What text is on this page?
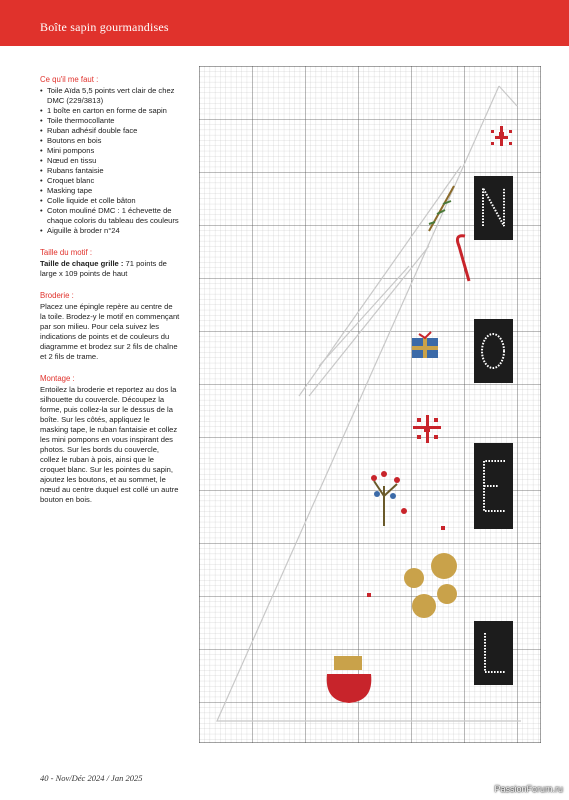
Boîte sapin gourmandises
Ce qu'il me faut :
• Toile Aïda 5,5 points vert clair de chez DMC (229/3813)
• 1 boîte en carton en forme de sapin
• Toile thermocollante
• Ruban adhésif double face
• Boutons en bois
• Mini pompons
• Nœud en tissu
• Rubans fantaisie
• Croquet blanc
• Masking tape
• Colle liquide et colle bâton
• Coton mouliné DMC : 1 échevette de chaque coloris du tableau des couleurs
• Aiguille à broder n°24
Taille du motif :

Taille de chaque grille : 71 points de large x 109 points de haut

Broderie :

Placez une épingle repère au centre de la toile. Brodez-y le motif en commençant par son milieu. Pour cela suivez les indications de points et de couleurs du diagramme et brodez sur 2 fils de chaîne et 2 fils de trame.

Montage :

Entoilez la broderie et reportez au dos la silhouette du couvercle. Découpez la forme, puis collez-la sur le dessus de la boîte. Sur les côtés, appliquez le masking tape, le ruban fantaisie et collez les mini pompons en vous inspirant des photos. Sur les bords du couvercle, collez le ruban à pois, ainsi que le croquet blanc. Sur les pointes du sapin, ajoutez les boutons, et au sommet, le nœud au centre duquel est collé un autre bouton en bois.

40 - Nov/Déc 2024 / Jan 2025
PassionForum.ru
